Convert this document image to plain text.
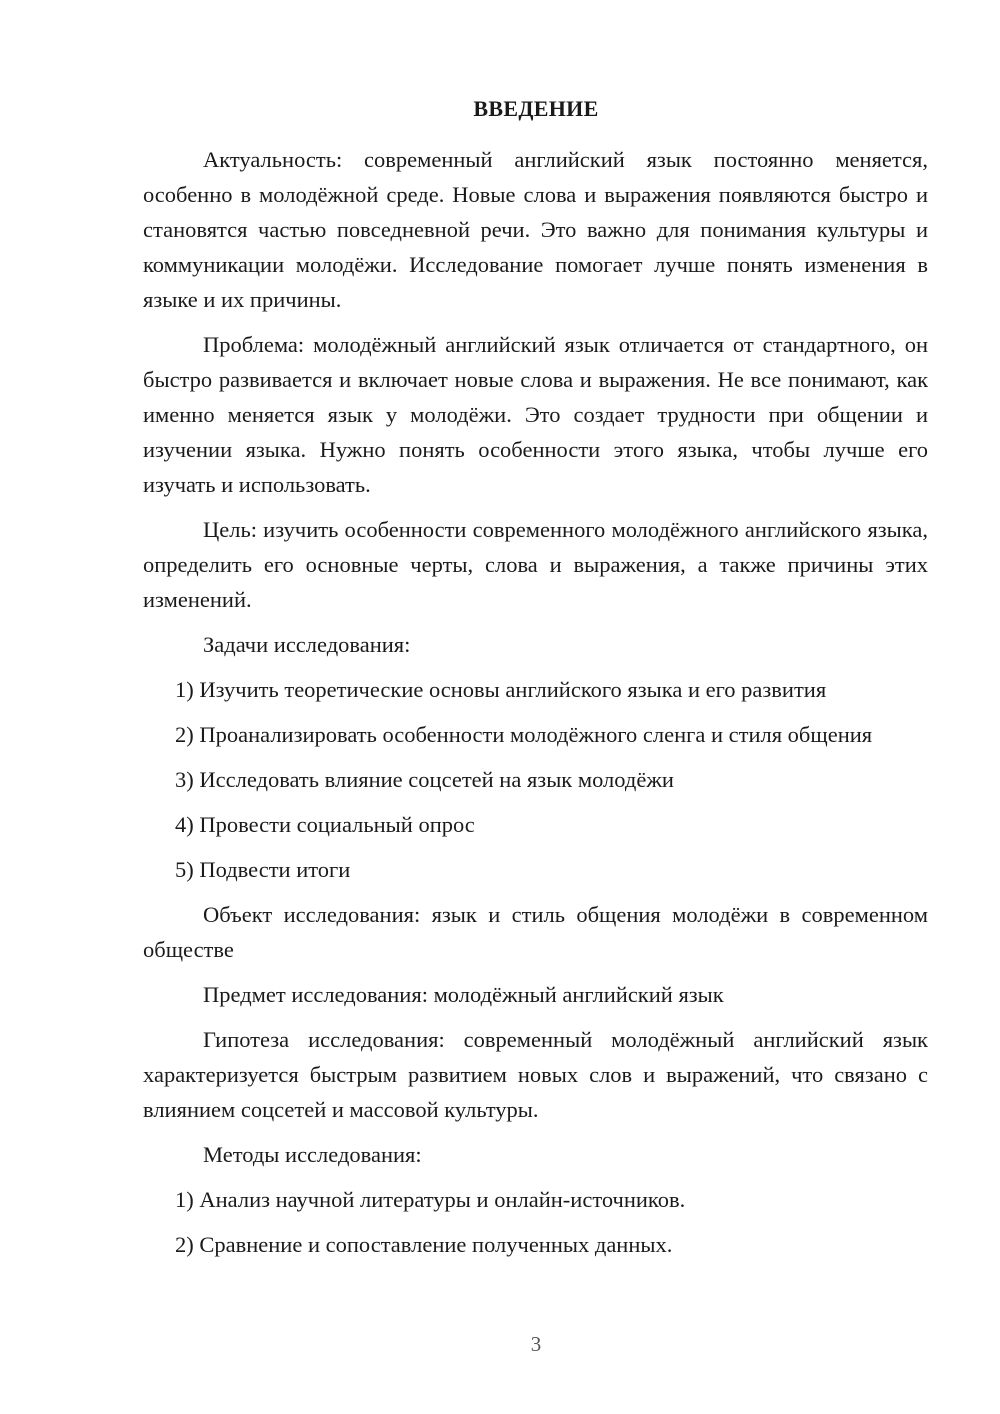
ВВЕДЕНИЕ

Актуальность: современный английский язык постоянно меняется, особенно в молодёжной среде. Новые слова и выражения появляются быстро и становятся частью повседневной речи. Это важно для понимания культуры и коммуникации молодёжи. Исследование помогает лучше понять изменения в языке и их причины.

Проблема: молодёжный английский язык отличается от стандартного, он быстро развивается и включает новые слова и выражения. Не все понимают, как именно меняется язык у молодёжи. Это создает трудности при общении и изучении языка. Нужно понять особенности этого языка, чтобы лучше его изучать и использовать.

Цель: изучить особенности современного молодёжного английского языка, определить его основные черты, слова и выражения, а также причины этих изменений.

Задачи исследования:

1) Изучить теоретические основы английского языка и его развития

2) Проанализировать особенности молодёжного сленга и стиля общения

3) Исследовать влияние соцсетей на язык молодёжи

4) Провести социальный опрос

5) Подвести итоги

Объект исследования: язык и стиль общения молодёжи в современном обществе

Предмет исследования: молодёжный английский язык

Гипотеза исследования: современный молодёжный английский язык характеризуется быстрым развитием новых слов и выражений, что связано с влиянием соцсетей и массовой культуры.

Методы исследования:

1) Анализ научной литературы и онлайн-источников.

2) Сравнение и сопоставление полученных данных.

3
